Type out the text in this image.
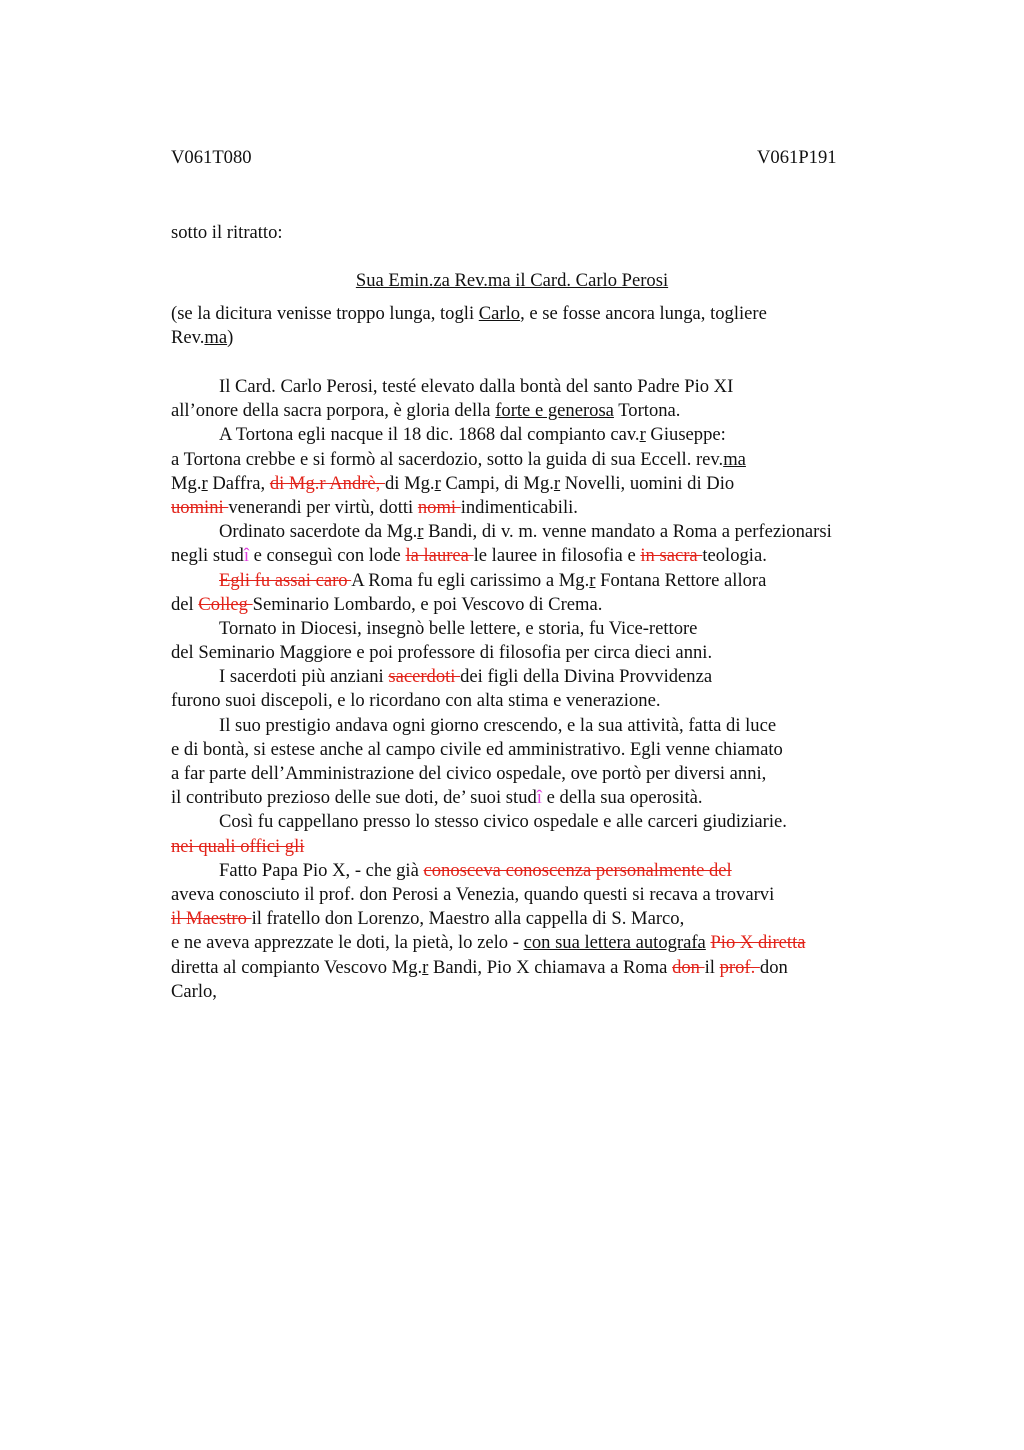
V061T080	V061P191
sotto il ritratto:
Sua Emin.za Rev.ma il Card. Carlo Perosi
(se la dicitura venisse troppo lunga, togli Carlo, e se fosse ancora lunga, togliere
Rev.ma)
Il Card. Carlo Perosi, testé elevato dalla bontà del santo Padre Pio XI
all’onore della sacra porpora, è gloria della forte e generosa Tortona.
A Tortona egli nacque il 18 dic. 1868 dal compianto cav.r Giuseppe:
a Tortona crebbe e si formò al sacerdozio, sotto la guida di sua Eccell. rev.ma
Mg.r Daffra, di Mg.r Andrè, di Mg.r Campi, di Mg.r Novelli, uomini di Dio
uomini venerandi per virtù, dotti nomi indimenticabili.
Ordinato sacerdote da Mg.r Bandi, di v. m. venne mandato a Roma a perfezionarsi
negli studî e conseguì con lode la laurea le lauree in filosofia e in sacra teologia.
Egli fu assai caro A Roma fu egli carissimo a Mg.r Fontana Rettore allora
del Colleg Seminario Lombardo, e poi Vescovo di Crema.
Tornato in Diocesi, insegnò belle lettere, e storia, fu Vice-rettore
del Seminario Maggiore e poi professore di filosofia per circa dieci anni.
I sacerdoti più anziani sacerdoti dei figli della Divina Provvidenza
furono suoi discepoli, e lo ricordano con alta stima e venerazione.
Il suo prestigio andava ogni giorno crescendo, e la sua attività, fatta di luce
e di bontà, si estese anche al campo civile ed amministrativo. Egli venne chiamato
a far parte dell’Amministrazione del civico ospedale, ove portò per diversi anni,
il contributo prezioso delle sue doti, de’ suoi studî e della sua operosità.
Così fu cappellano presso lo stesso civico ospedale e alle carceri giudiziarie.
nei quali offici gli
Fatto Papa Pio X, - che già conosceva conoscenza personalmente del
aveva conosciuto il prof. don Perosi a Venezia, quando questi si recava a trovarvi
il Maestro il fratello don Lorenzo, Maestro alla cappella di S. Marco,
e ne aveva apprezzate le doti, la pietà, lo zelo - con sua lettera autografa Pio X diretta
diretta al compianto Vescovo Mg.r Bandi, Pio X chiamava a Roma don il prof. don
Carlo,
